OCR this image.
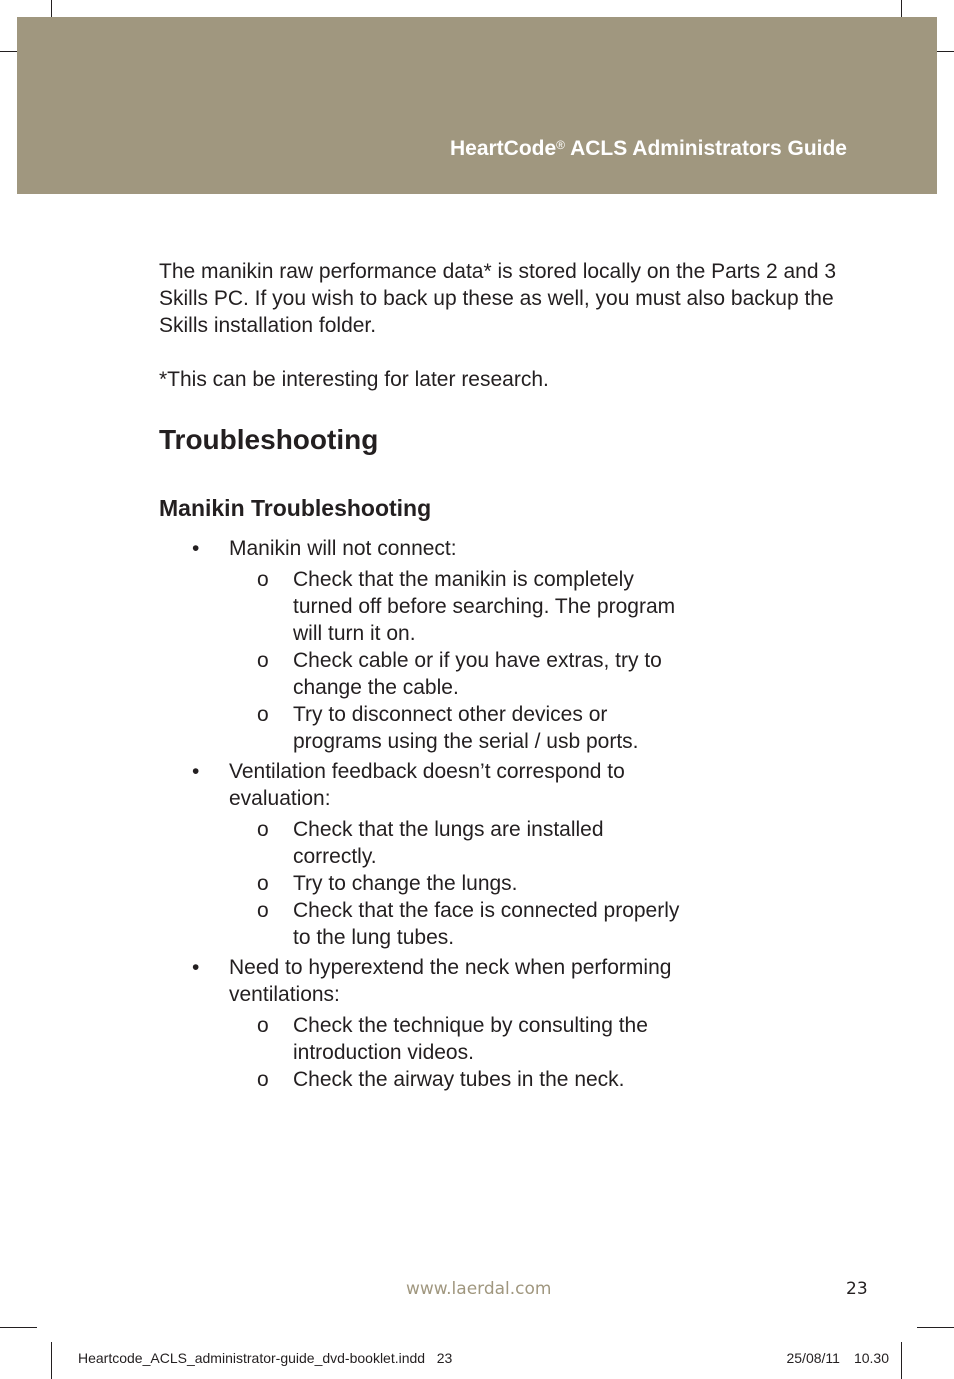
HeartCode® ACLS Administrators Guide

The manikin raw performance data* is stored locally on the Parts 2 and 3 Skills PC. If you wish to back up these as well, you must also backup the Skills installation folder.

*This can be interesting for later research.

Troubleshooting
Manikin Troubleshooting
• Manikin will not connect:
o Check that the manikin is completely turned off before searching. The program will turn it on.
o Check cable or if you have extras, try to change the cable.
o Try to disconnect other devices or programs using the serial / usb ports.
• Ventilation feedback doesn’t correspond to evaluation:
o Check that the lungs are installed correctly.
o Try to change the lungs.
o Check that the face is connected properly to the lung tubes.
• Need to hyperextend the neck when performing ventilations:
o Check the technique by consulting the introduction videos.
o Check the airway tubes in the neck.
www.laerdal.com	23
Heartcode_ACLS_administrator-guide_dvd-booklet.indd   23	25/08/11 10.30
